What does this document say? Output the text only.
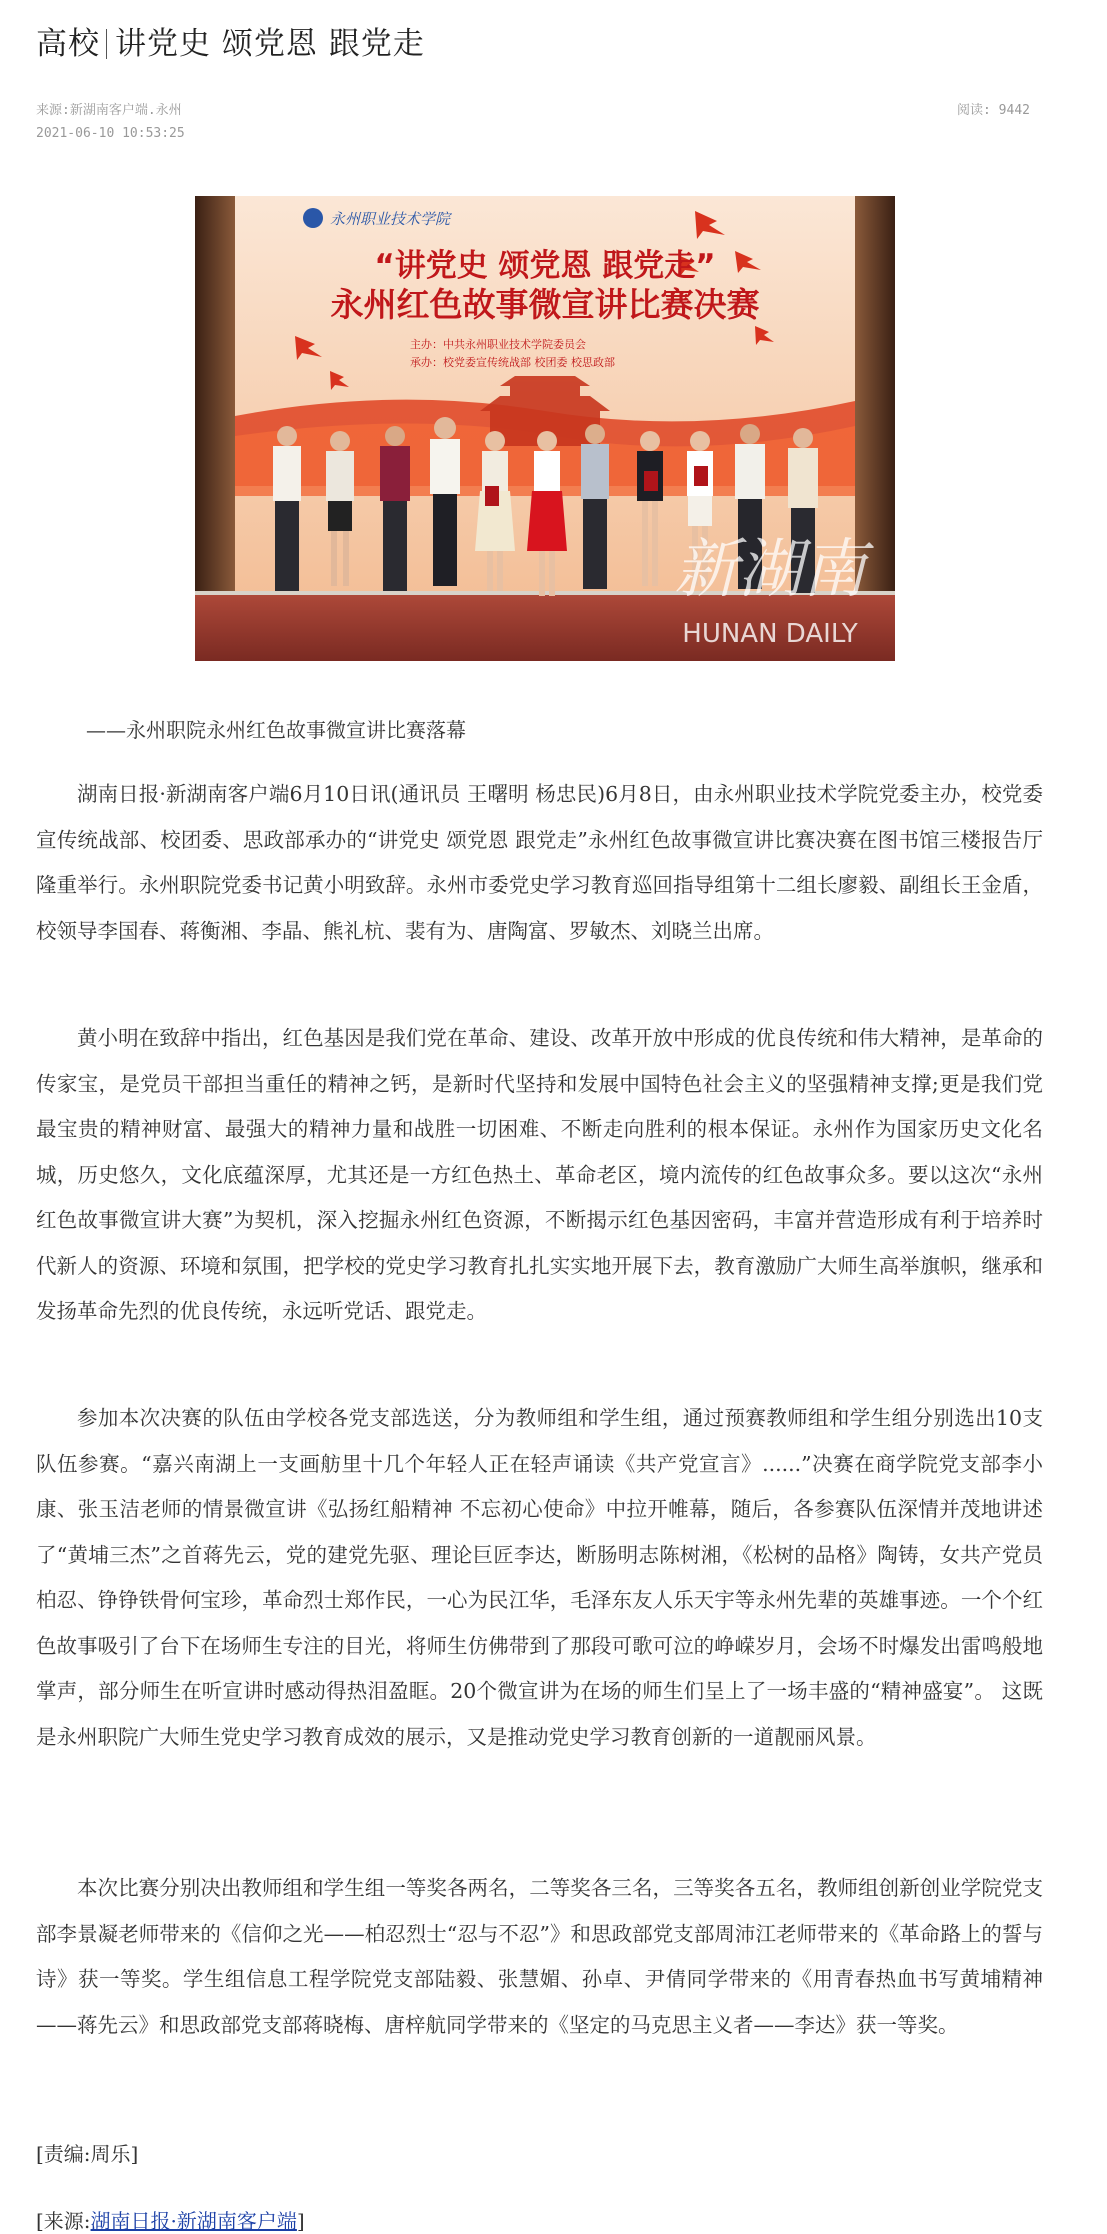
高校 讲党史 颂党恩 跟党走
来源:新湖南客户端.永州	阅读: 9442
2021-06-10 10:53:25
永州职业技术学院
“讲党史 颂党恩 跟党走”
永州红色故事微宣讲比赛决赛
主办：中共永州职业技术学院委员会
承办：校党委宣传统战部 校团委 校思政部
新湖南
HUNAN DAILY
——永州职院永州红色故事微宣讲比赛落幕

湖南日报·新湖南客户端6月10日讯(通讯员 王曙明 杨忠民)6月8日，由永州职业技术学院党委主办，校党委宣传统战部、校团委、思政部承办的“讲党史 颂党恩 跟党走”永州红色故事微宣讲比赛决赛在图书馆三楼报告厅隆重举行。永州职院党委书记黄小明致辞。永州市委党史学习教育巡回指导组第十二组长廖毅、副组长王金盾，校领导李国春、蒋衡湘、李晶、熊礼杭、裴有为、唐陶富、罗敏杰、刘晓兰出席。

黄小明在致辞中指出，红色基因是我们党在革命、建设、改革开放中形成的优良传统和伟大精神，是革命的传家宝，是党员干部担当重任的精神之钙，是新时代坚持和发展中国特色社会主义的坚强精神支撑;更是我们党最宝贵的精神财富、最强大的精神力量和战胜一切困难、不断走向胜利的根本保证。永州作为国家历史文化名城，历史悠久，文化底蕴深厚，尤其还是一方红色热土、革命老区，境内流传的红色故事众多。要以这次“永州红色故事微宣讲大赛”为契机，深入挖掘永州红色资源，不断揭示红色基因密码，丰富并营造形成有利于培养时代新人的资源、环境和氛围，把学校的党史学习教育扎扎实实地开展下去，教育激励广大师生高举旗帜，继承和发扬革命先烈的优良传统，永远听党话、跟党走。

参加本次决赛的队伍由学校各党支部选送，分为教师组和学生组，通过预赛教师组和学生组分别选出10支队伍参赛。“嘉兴南湖上一支画舫里十几个年轻人正在轻声诵读《共产党宣言》......”决赛在商学院党支部李小康、张玉洁老师的情景微宣讲《弘扬红船精神 不忘初心使命》中拉开帷幕，随后，各参赛队伍深情并茂地讲述了“黄埔三杰”之首蒋先云，党的建党先驱、理论巨匠李达，断肠明志陈树湘，《松树的品格》陶铸，女共产党员柏忍、铮铮铁骨何宝珍，革命烈士郑作民，一心为民江华，毛泽东友人乐天宇等永州先辈的英雄事迹。一个个红色故事吸引了台下在场师生专注的目光，将师生仿佛带到了那段可歌可泣的峥嵘岁月，会场不时爆发出雷鸣般地掌声，部分师生在听宣讲时感动得热泪盈眶。20个微宣讲为在场的师生们呈上了一场丰盛的“精神盛宴”。 这既是永州职院广大师生党史学习教育成效的展示，又是推动党史学习教育创新的一道靓丽风景。

本次比赛分别决出教师组和学生组一等奖各两名，二等奖各三名，三等奖各五名，教师组创新创业学院党支部李景凝老师带来的《信仰之光——柏忍烈士“忍与不忍”》和思政部党支部周沛江老师带来的《革命路上的誓与诗》获一等奖。学生组信息工程学院党支部陆毅、张慧媚、孙卓、尹倩同学带来的《用青春热血书写黄埔精神——蒋先云》和思政部党支部蒋晓梅、唐梓航同学带来的《坚定的马克思主义者——李达》获一等奖。

[责编:周乐]
[来源:湖南日报·新湖南客户端]
